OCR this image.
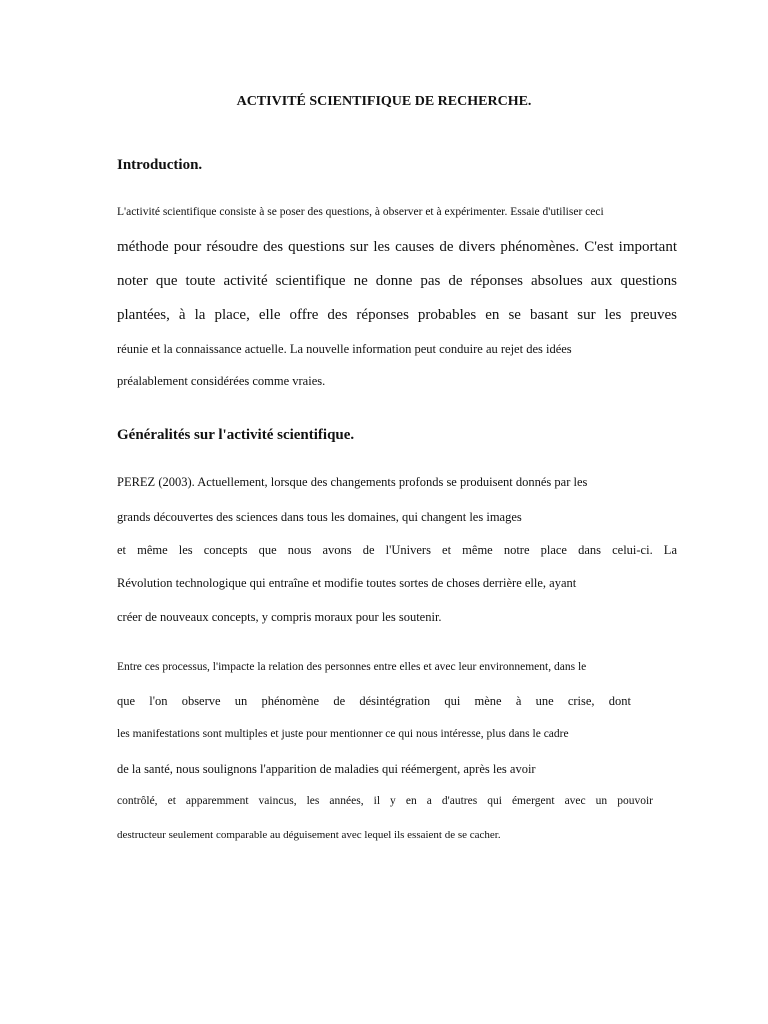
ACTIVITÉ SCIENTIFIQUE DE RECHERCHE.
Introduction.

L'activité scientifique consiste à se poser des questions, à observer et à expérimenter. Essaie d'utiliser ceci

méthode pour résoudre des questions sur les causes de divers phénomènes. C'est important

noter que toute activité scientifique ne donne pas de réponses absolues aux questions

plantées, à la place, elle offre des réponses probables en se basant sur les preuves

réunie et la connaissance actuelle. La nouvelle information peut conduire au rejet des idées

préalablement considérées comme vraies.

Généralités sur l'activité scientifique.

PEREZ (2003). Actuellement, lorsque des changements profonds se produisent donnés par les

grands découvertes des sciences dans tous les domaines, qui changent les images

et même les concepts que nous avons de l'Univers et même notre place dans celui-ci. La

Révolution technologique qui entraîne et modifie toutes sortes de choses derrière elle, ayant

créer de nouveaux concepts, y compris moraux pour les soutenir.

Entre ces processus, l'impacte la relation des personnes entre elles et avec leur environnement, dans le

que l'on observe un phénomène de désintégration qui mène à une crise, dont

les manifestations sont multiples et juste pour mentionner ce qui nous intéresse, plus dans le cadre

de la santé, nous soulignons l'apparition de maladies qui réémergent, après les avoir

contrôlé, et apparemment vaincus, les années, il y en a d'autres qui émergent avec un pouvoir

destructeur seulement comparable au déguisement avec lequel ils essaient de se cacher.
